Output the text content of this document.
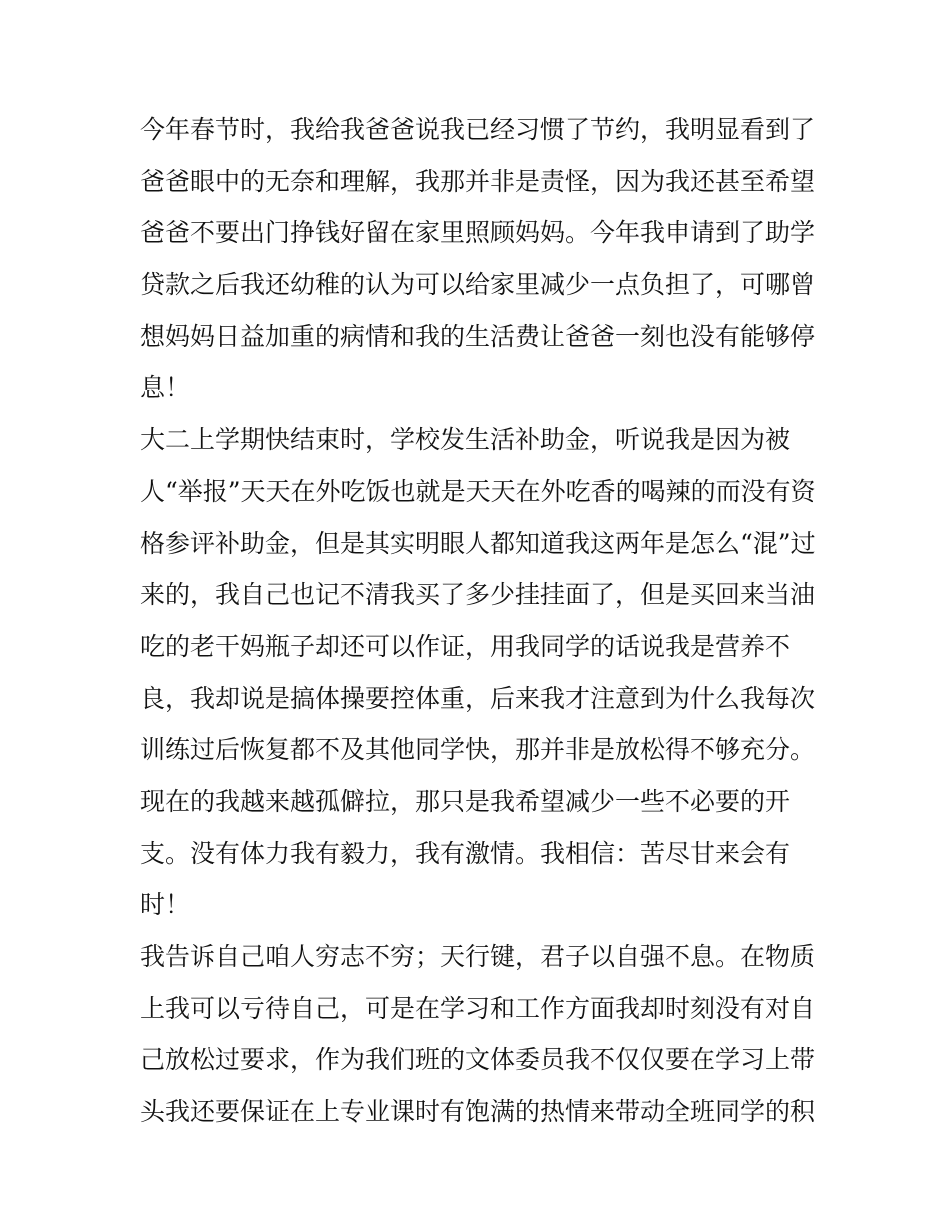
今年春节时，我给我爸爸说我已经习惯了节约，我明显看到了
爸爸眼中的无奈和理解，我那并非是责怪，因为我还甚至希望
爸爸不要出门挣钱好留在家里照顾妈妈。今年我申请到了助学
贷款之后我还幼稚的认为可以给家里减少一点负担了，可哪曾
想妈妈日益加重的病情和我的生活费让爸爸一刻也没有能够停
息！
大二上学期快结束时，学校发生活补助金，听说我是因为被
人“举报”天天在外吃饭也就是天天在外吃香的喝辣的而没有资
格参评补助金，但是其实明眼人都知道我这两年是怎么“混”过
来的，我自己也记不清我买了多少挂挂面了，但是买回来当油
吃的老干妈瓶子却还可以作证，用我同学的话说我是营养不
良，我却说是搞体操要控体重，后来我才注意到为什么我每次
训练过后恢复都不及其他同学快，那并非是放松得不够充分。
现在的我越来越孤僻拉，那只是我希望减少一些不必要的开
支。没有体力我有毅力，我有激情。我相信：苦尽甘来会有
时！
我告诉自己咱人穷志不穷；天行键，君子以自强不息。在物质
上我可以亏待自己，可是在学习和工作方面我却时刻没有对自
己放松过要求，作为我们班的文体委员我不仅仅要在学习上带
头我还要保证在上专业课时有饱满的热情来带动全班同学的积
